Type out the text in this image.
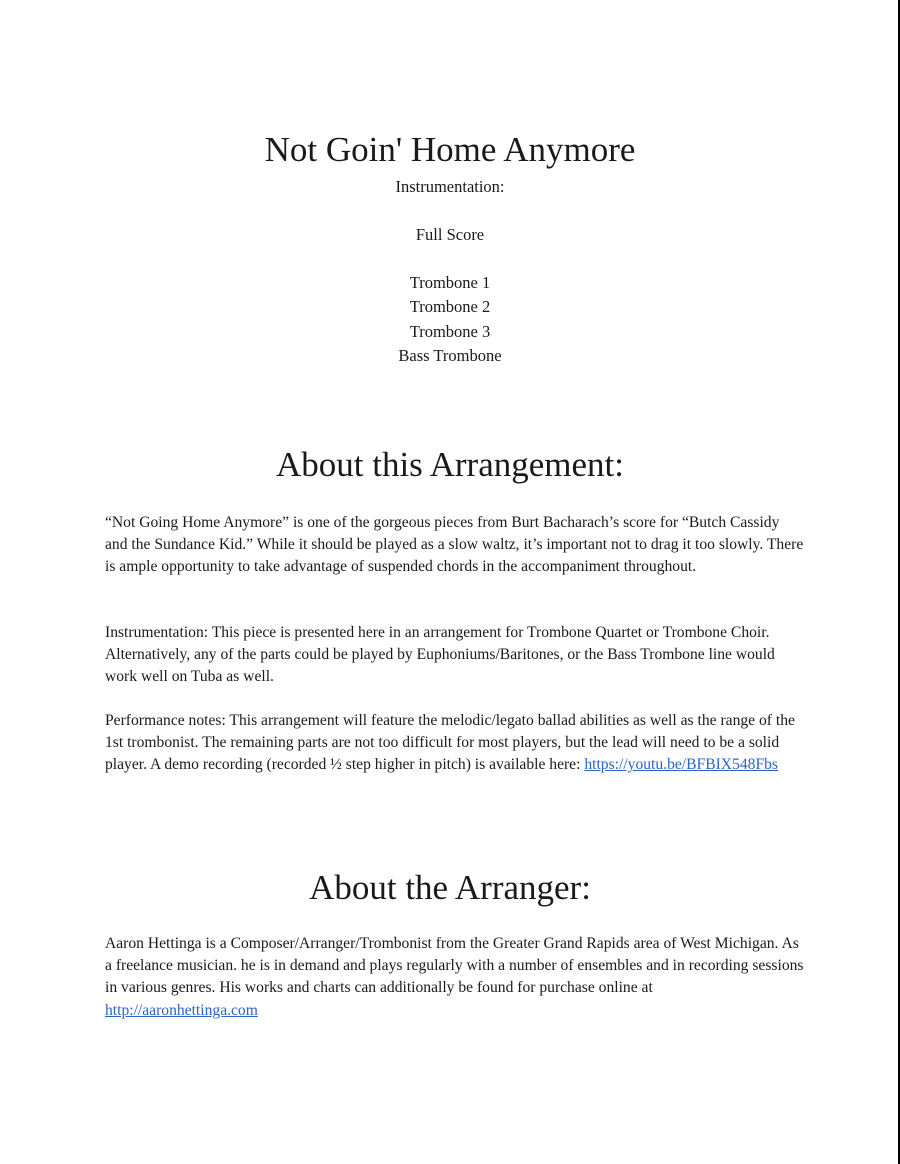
Not Goin' Home Anymore

Instrumentation:

Full Score

Trombone 1
Trombone 2
Trombone 3
Bass Trombone
About this Arrangement:

“Not Going Home Anymore” is one of the gorgeous pieces from Burt Bacharach’s score for “Butch Cassidy and the Sundance Kid.” While it should be played as a slow waltz, it’s important not to drag it too slowly. There is ample opportunity to take advantage of suspended chords in the accompaniment throughout.

Instrumentation: This piece is presented here in an arrangement for Trombone Quartet or Trombone Choir. Alternatively, any of the parts could be played by Euphoniums/Baritones, or the Bass Trombone line would work well on Tuba as well.

Performance notes: This arrangement will feature the melodic/legato ballad abilities as well as the range of the 1st trombonist. The remaining parts are not too difficult for most players, but the lead will need to be a solid player. A demo recording (recorded ½ step higher in pitch) is available here: https://youtu.be/BFBIX548Fbs

About the Arranger:

Aaron Hettinga is a Composer/Arranger/Trombonist from the Greater Grand Rapids area of West Michigan. As a freelance musician. he is in demand and plays regularly with a number of ensembles and in recording sessions in various genres. His works and charts can additionally be found for purchase online at http://aaronhettinga.com
